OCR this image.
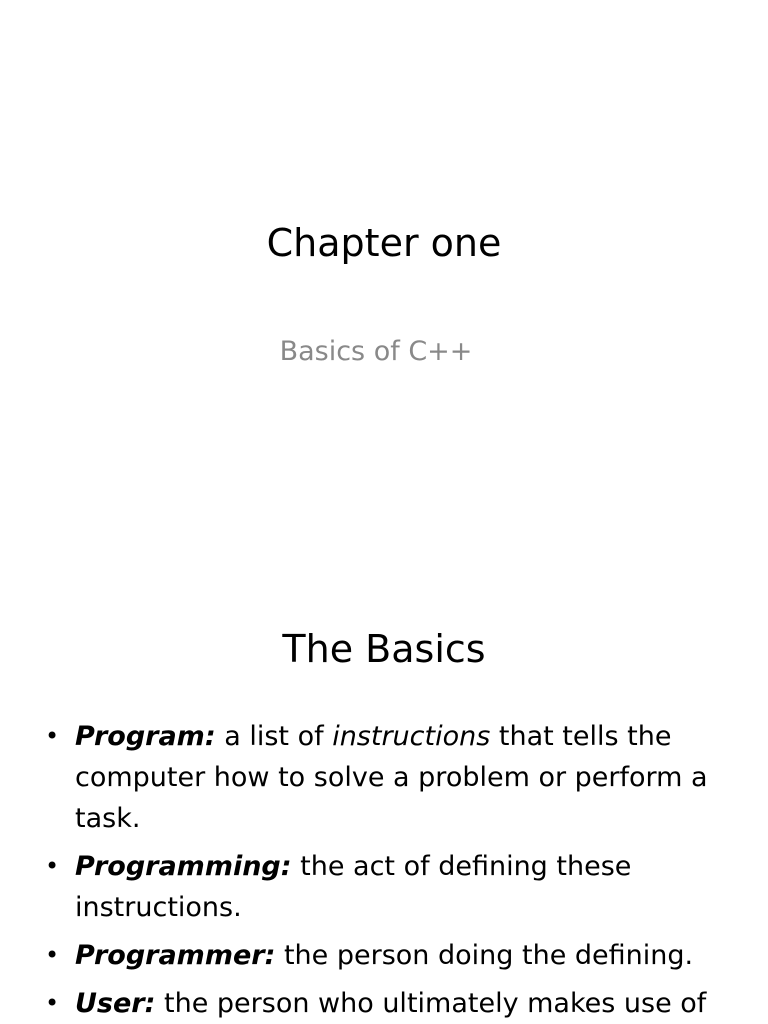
Chapter one

Basics of C++

The Basics
• Program: a list of instructions that tells the computer how to solve a problem or perform a task.
• Programming: the act of defining these instructions.
• Programmer: the person doing the defining.
• User: the person who ultimately makes use of
